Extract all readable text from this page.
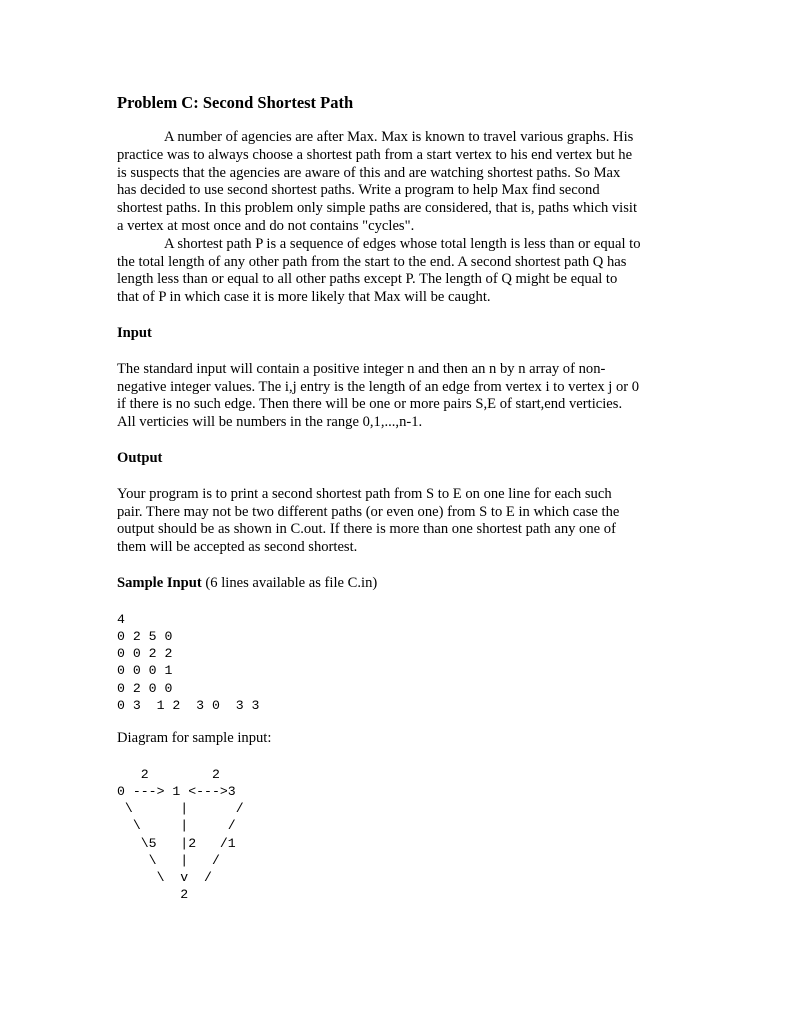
Problem C: Second Shortest Path
A number of agencies are after Max. Max is known to travel various graphs. His
practice was to always choose a shortest path from a start vertex to his end vertex but he
is suspects that the agencies are aware of this and are watching shortest paths. So Max
has decided to use second shortest paths. Write a program to help Max find second
shortest paths. In this problem only simple paths are considered, that is, paths which visit
a vertex at most once and do not contains "cycles".
A shortest path P is a sequence of edges whose total length is less than or equal to
the total length of any other path from the start to the end. A second shortest path Q has
length less than or equal to all other paths except P. The length of Q might be equal to
that of P in which case it is more likely that Max will be caught.
Input
The standard input will contain a positive integer n and then an n by n array of non-
negative integer values. The i,j entry is the length of an edge from vertex i to vertex j or 0
if there is no such edge. Then there will be one or more pairs S,E of start,end verticies.
All verticies will be numbers in the range 0,1,...,n-1.
Output
Your program is to print a second shortest path from S to E on one line for each such
pair. There may not be two different paths (or even one) from S to E in which case the
output should be as shown in C.out. If there is more than one shortest path any one of
them will be accepted as second shortest.
Sample Input (6 lines available as file C.in)
4
0 2 5 0
0 0 2 2
0 0 0 1
0 2 0 0
0 3  1 2  3 0  3 3
Diagram for sample input:
2        2
0 ---> 1 <--->3
\      |      /
\     |     /
\5   |2   /1
\   |   /
\  v  /
2
